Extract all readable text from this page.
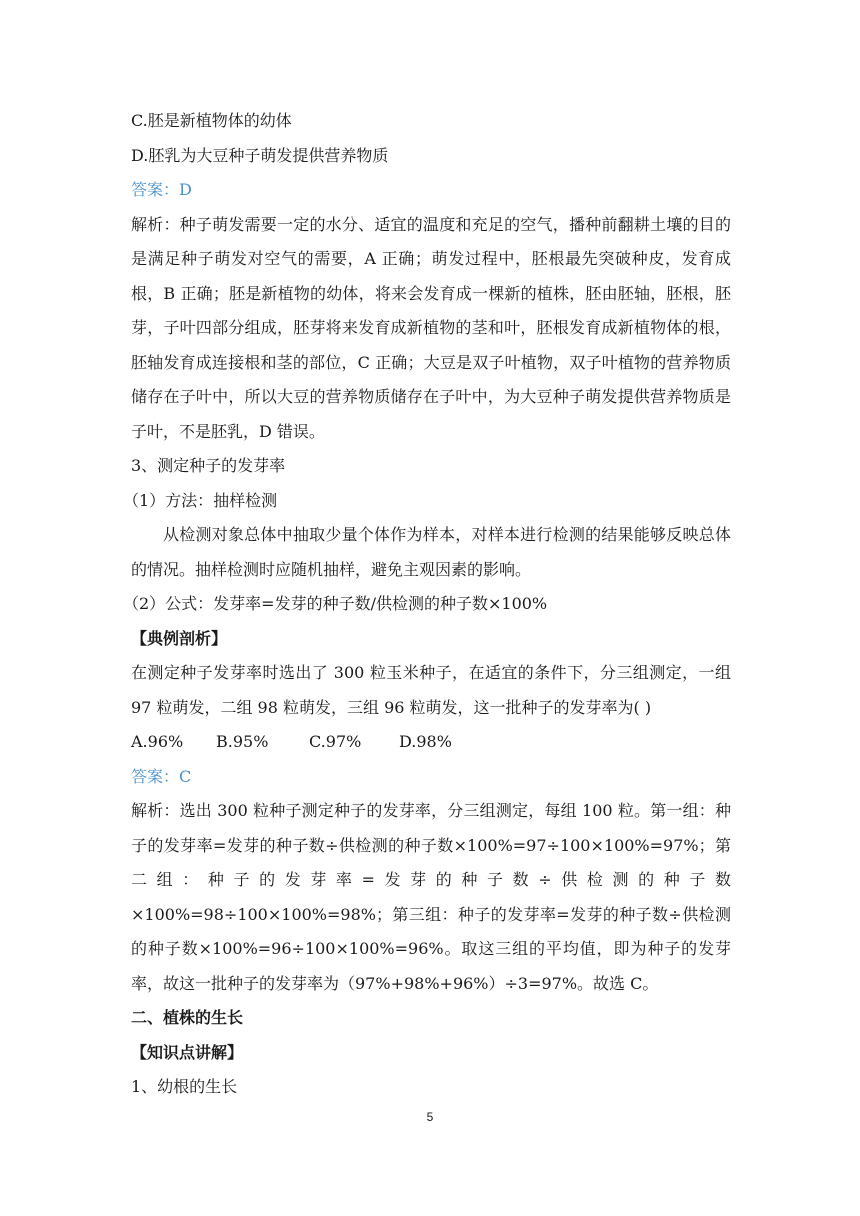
C.胚是新植物体的幼体
D.胚乳为大豆种子萌发提供营养物质
答案：D
解析：种子萌发需要一定的水分、适宜的温度和充足的空气，播种前翻耕土壤的目的是满足种子萌发对空气的需要，A 正确；萌发过程中，胚根最先突破种皮，发育成根，B 正确；胚是新植物的幼体，将来会发育成一棵新的植株，胚由胚轴，胚根，胚芽，子叶四部分组成，胚芽将来发育成新植物的茎和叶，胚根发育成新植物体的根，胚轴发育成连接根和茎的部位，C 正确；大豆是双子叶植物，双子叶植物的营养物质储存在子叶中，所以大豆的营养物质储存在子叶中，为大豆种子萌发提供营养物质是子叶，不是胚乳，D 错误。
3、测定种子的发芽率
（1）方法：抽样检测
从检测对象总体中抽取少量个体作为样本，对样本进行检测的结果能够反映总体的情况。抽样检测时应随机抽样，避免主观因素的影响。
（2）公式：发芽率=发芽的种子数/供检测的种子数×100%
【典例剖析】
在测定种子发芽率时选出了 300 粒玉米种子，在适宜的条件下，分三组测定，一组 97 粒萌发，二组 98 粒萌发，三组 96 粒萌发，这一批种子的发芽率为( )
A.96% B.95%	C.97% D.98%
答案：C
解析：选出 300 粒种子测定种子的发芽率，分三组测定，每组 100 粒。第一组：种子的发芽率=发芽的种子数÷供检测的种子数×100%=97÷100×100%=97%；第二组：种子的发芽率=发芽的种子数÷供检测的种子数×100%=98÷100×100%=98%；第三组：种子的发芽率=发芽的种子数÷供检测的种子数×100%=96÷100×100%=96%。取这三组的平均值，即为种子的发芽率，故这一批种子的发芽率为（97%+98%+96%）÷3=97%。故选 C。
二、植株的生长
【知识点讲解】
1、幼根的生长
5
